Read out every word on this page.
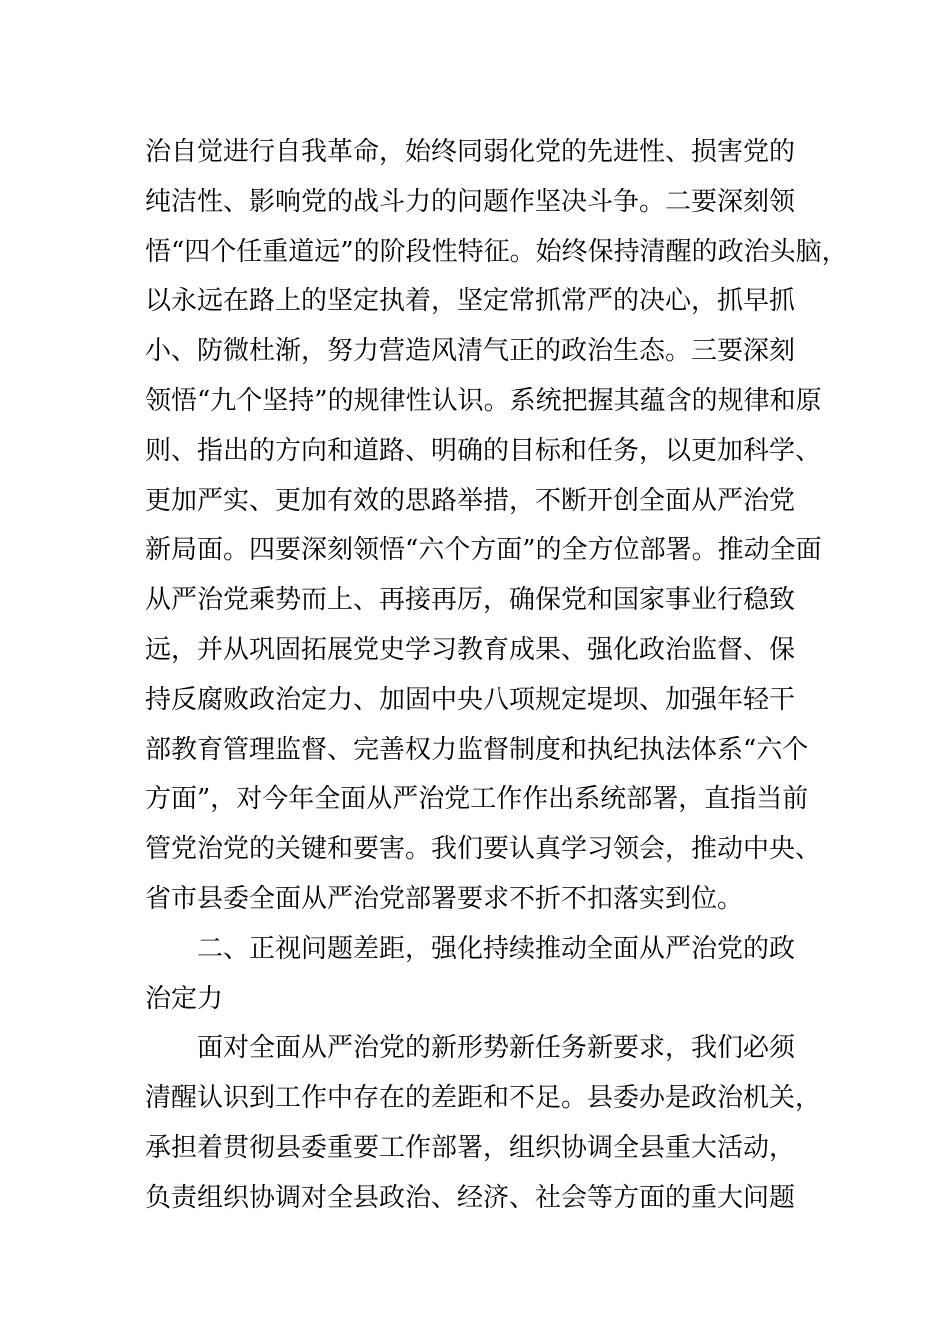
治自觉进行自我革命，始终同弱化党的先进性、损害党的
纯洁性、影响党的战斗力的问题作坚决斗争。二要深刻领
悟“四个任重道远”的阶段性特征。始终保持清醒的政治头脑，
以永远在路上的坚定执着，坚定常抓常严的决心，抓早抓
小、防微杜渐，努力营造风清气正的政治生态。三要深刻
领悟“九个坚持”的规律性认识。系统把握其蕴含的规律和原
则、指出的方向和道路、明确的目标和任务，以更加科学、
更加严实、更加有效的思路举措，不断开创全面从严治党
新局面。四要深刻领悟“六个方面”的全方位部署。推动全面
从严治党乘势而上、再接再厉，确保党和国家事业行稳致
远，并从巩固拓展党史学习教育成果、强化政治监督、保
持反腐败政治定力、加固中央八项规定堤坝、加强年轻干
部教育管理监督、完善权力监督制度和执纪执法体系“六个
方面”，对今年全面从严治党工作作出系统部署，直指当前
管党治党的关键和要害。我们要认真学习领会，推动中央、
省市县委全面从严治党部署要求不折不扣落实到位。
二、正视问题差距，强化持续推动全面从严治党的政
治定力
面对全面从严治党的新形势新任务新要求，我们必须
清醒认识到工作中存在的差距和不足。县委办是政治机关，
承担着贯彻县委重要工作部署，组织协调全县重大活动，
负责组织协调对全县政治、经济、社会等方面的重大问题
